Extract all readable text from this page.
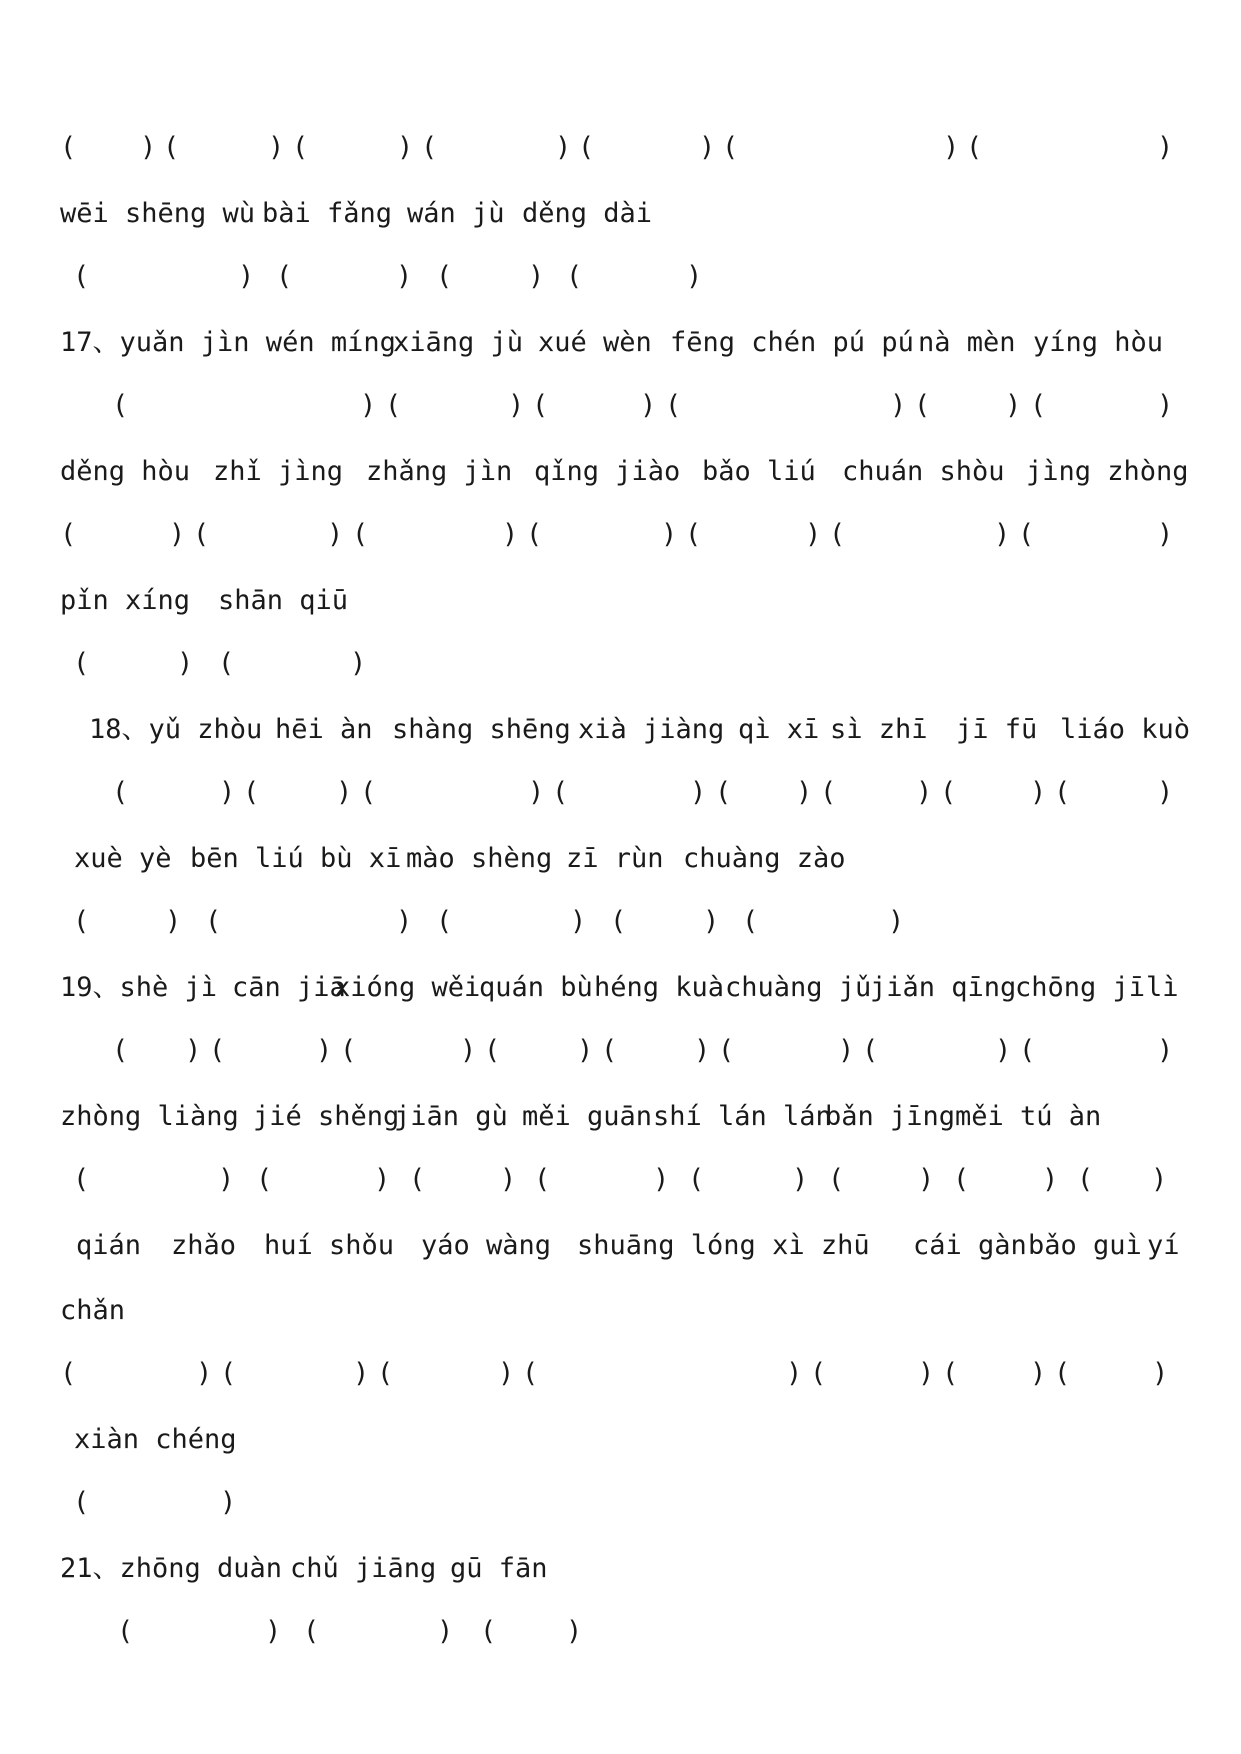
( ) (	) (	) (	) (	) (	) (	)
wēi shēng wù bài fǎng wán jù děng dài
(	) (	) (	) (	)
17、yuǎn jìn wén míng
xiāng jù xué wèn fēng chén pú pú nà mèn yíng hòu
(	) (	) (	) (	) (	) (	)
děng hòu zhǐ jìng zhǎng jìn qǐng jiào bǎo liú chuán shòu jìng zhòng
(	) (	) (	) (	) (	) (	) (	)
pǐn xíng shān qiū
(	) (	)
18、yǔ zhòu hēi àn shàng shēng xià jiàng qì xī sì zhī jī fū liáo kuò
(	) (	) (	) (	) ( ) (	) (	) (	)
xuè yè bēn liú bù xī mào shèng zī rùn chuàng zào
(	) (	) (	) (	) (	)
19、shè jì cān jiā
xióng wěi
quán bù héng kuà chuàng jǔ
jiǎn qīng
chōng jī lì
( ) (	) (	) (	) (	) (	) (	) (	)
zhòng liàng jié shěng
jiān gù měi guān shí lán lán
bǎn jīng měi tú àn
(	) (	) (	) (	) (	) (	) (	) ( )
qián zhǎo huí shǒu yáo wàng shuāng lóng xì zhū cái gàn bǎo guì yí
chǎn
(	) (	) (	) (	) (	) (	) (	)
xiàn chéng
(	)
21、zhōng duàn chǔ jiāng gū fān
(	) (	) (	)
